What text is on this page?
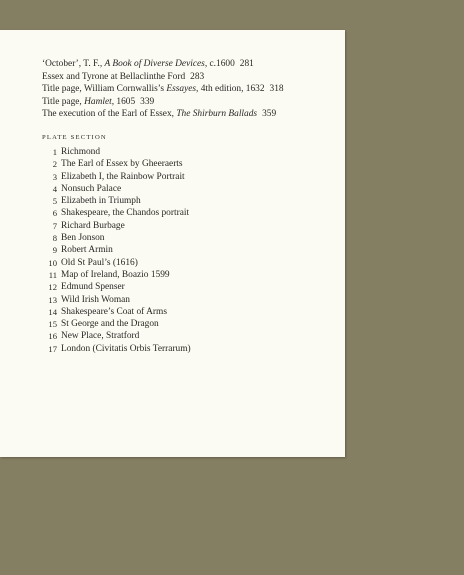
‘October’, T. F., A Book of Diverse Devices, c.1600 281
Essex and Tyrone at Bellaclinthe Ford 283
Title page, William Cornwallis’s Essayes, 4th edition, 1632 318
Title page, Hamlet, 1605 339
The execution of the Earl of Essex, The Shirburn Ballads 359
PLATE SECTION
1 Richmond
2 The Earl of Essex by Gheeraerts
3 Elizabeth I, the Rainbow Portrait
4 Nonsuch Palace
5 Elizabeth in Triumph
6 Shakespeare, the Chandos portrait
7 Richard Burbage
8 Ben Jonson
9 Robert Armin
10 Old St Paul’s (1616)
11 Map of Ireland, Boazio 1599
12 Edmund Spenser
13 Wild Irish Woman
14 Shakespeare’s Coat of Arms
15 St George and the Dragon
16 New Place, Stratford
17 London (Civitatis Orbis Terrarum)
